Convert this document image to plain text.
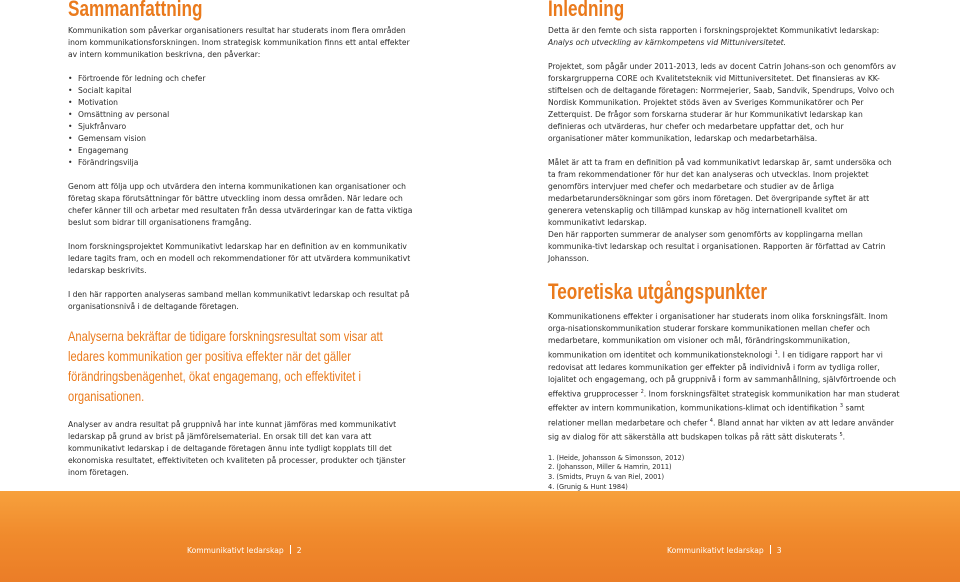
Sammanfattning

Kommunikation som påverkar organisationers resultat har studerats inom flera områden inom kommunikationsforskningen. Inom strategisk kommunikation finns ett antal effekter av intern kommunikation beskrivna, den påverkar:

• Förtroende för ledning och chefer
• Socialt kapital
• Motivation
• Omsättning av personal
• Sjukfrånvaro
• Gemensam vision
• Engagemang
• Förändringsvilja

Genom att följa upp och utvärdera den interna kommunikationen kan organisationer och företag skapa förutsättningar för bättre utveckling inom dessa områden. När ledare och chefer känner till och arbetar med resultaten från dessa utvärderingar kan de fatta viktiga beslut som bidrar till organisationens framgång.

Inom forskningsprojektet Kommunikativt ledarskap har en definition av en kommunikativ ledare tagits fram, och en modell och rekommendationer för att utvärdera kommunikativt ledarskap beskrivits.

I den här rapporten analyseras samband mellan kommunikativt ledarskap och resultat på organisationsnivå i de deltagande företagen.

Analyserna bekräftar de tidigare forskningsresultat som visar att ledares kommunikation ger positiva effekter när det gäller förändringsbenägenhet, ökat engagemang, och effektivitet i organisationen.

Analyser av andra resultat på gruppnivå har inte kunnat jämföras med kommunikativt ledarskap på grund av brist på jämförelsematerial. En orsak till det kan vara att kommunikativt ledarskap i de deltagande företagen ännu inte tydligt kopplats till det ekonomiska resultatet, effektiviteten och kvaliteten på processer, produkter och tjänster inom företagen.

Inledning

Detta är den femte och sista rapporten i forskningsprojektet Kommunikativt ledarskap:
Analys och utveckling av kärnkompetens vid Mittuniversitetet.

Projektet, som pågår under 2011-2013, leds av docent Catrin Johans-son och genomförs av forskargrupperna CORE och Kvalitetsteknik vid Mittuniversitetet. Det finansieras av KK-stiftelsen och de deltagande företagen: Norrmejerier, Saab, Sandvik, Spendrups, Volvo och Nordisk Kommunikation. Projektet stöds även av Sveriges Kommunikatörer och Per Zetterquist. De frågor som forskarna studerar är hur Kommunikativt ledarskap kan definieras och utvärderas, hur chefer och medarbetare uppfattar det, och hur organisationer mäter kommunikation, ledarskap och medarbetarhälsa.

Målet är att ta fram en definition på vad kommunikativt ledarskap är, samt undersöka och ta fram rekommendationer för hur det kan analyseras och utvecklas. Inom projektet genomförs intervjuer med chefer och medarbetare och studier av de årliga medarbetarundersökningar som görs inom företagen. Det övergripande syftet är att generera vetenskaplig och tillämpad kunskap av hög internationell kvalitet om kommunikativt ledarskap.

Den här rapporten summerar de analyser som genomförts av kopplingarna mellan kommunika-tivt ledarskap och resultat i organisationen. Rapporten är författad av Catrin Johansson.

Teoretiska utgångspunkter

Kommunikationens effekter i organisationer har studerats inom olika forskningsfält. Inom orga-nisationskommunikation studerar forskare kommunikationen mellan chefer och medarbetare, kommunikation om visioner och mål, förändringskommunikation, kommunikation om identitet och kommunikationsteknologi $^1$. I en tidigare rapport har vi redovisat att ledares kommunikation ger effekter på individnivå i form av tydliga roller, lojalitet och engagemang, och på gruppnivå i form av sammanhållning, självförtroende och effektiva grupprocesser $^2$. Inom forskningsfältet strategisk kommunikation har man studerat effekter av intern kommunikation, kommunikations-klimat och identifikation $^3$ samt relationer mellan medarbetare och chefer $^4$. Bland annat har vikten av att ledare använder sig av dialog för att säkerställa att budskapen tolkas på rätt sätt diskuterats $^5$.

1. (Heide, Johansson & Simonsson, 2012)
2. (Johansson, Miller & Hamrin, 2011)
3. (Smidts, Pruyn & van Riel, 2001)
4. (Grunig & Hunt 1984)
Kommunikativt ledarskap 2	Kommunikativt ledarskap 3
